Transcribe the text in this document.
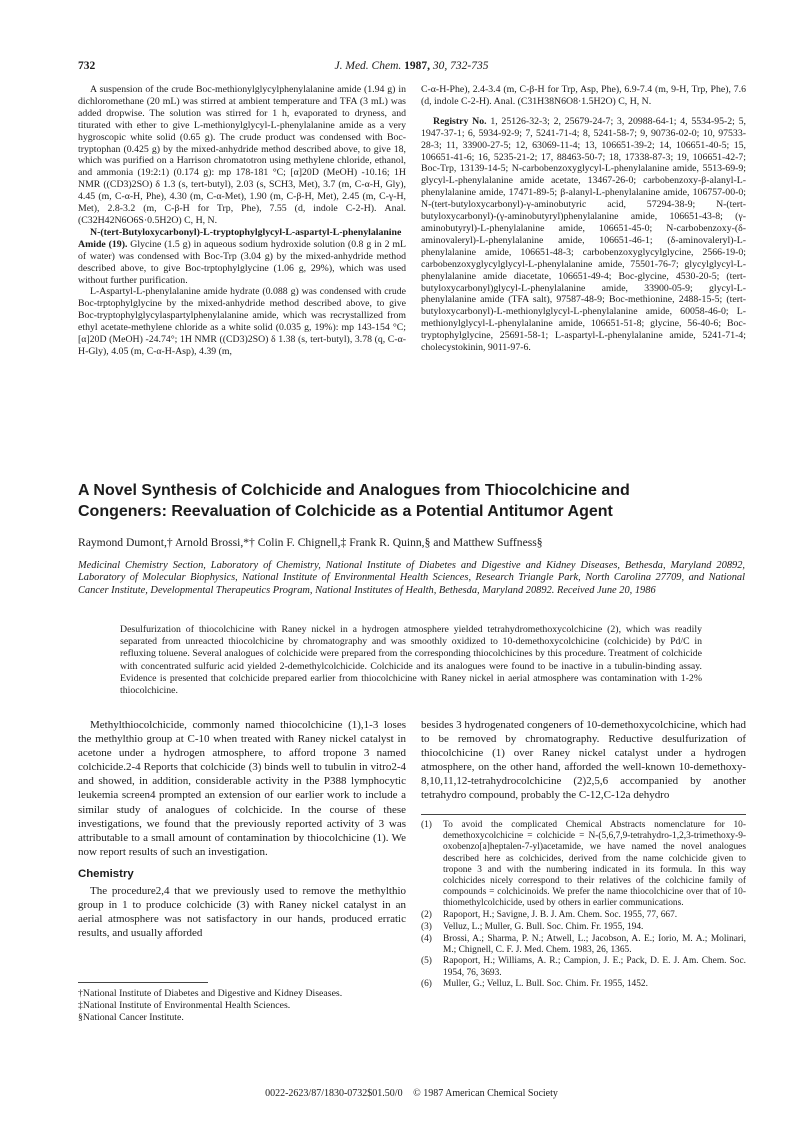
732	J. Med. Chem. 1987, 30, 732-735

A suspension of the crude Boc-methionylglycylphenylalanine amide (1.94 g) in dichloromethane (20 mL) was stirred at ambient temperature and TFA (3 mL) was added dropwise. The solution was stirred for 1 h, evaporated to dryness, and titurated with ether to give L-methionylglycyl-L-phenylalanine amide as a very hygroscopic white solid (0.65 g). The crude product was condensed with Boc-tryptophan (0.425 g) by the mixed-anhydride method described above, to give 18, which was purified on a Harrison chromatotron using methylene chloride, ethanol, and ammonia (19:2:1) (0.174 g): mp 178-181 °C; [α]20D (MeOH) -10.16; 1H NMR ((CD3)2SO) δ 1.3 (s, tert-butyl), 2.03 (s, SCH3, Met), 3.7 (m, C-α-H, Gly), 4.45 (m, C-α-H, Phe), 4.30 (m, C-α-Met), 1.90 (m, C-β-H, Met), 2.45 (m, C-γ-H, Met), 2.8-3.2 (m, C-β-H for Trp, Phe), 7.55 (d, indole C-2-H). Anal. (C32H42N6O6S·0.5H2O) C, H, N.

N-(tert-Butyloxycarbonyl)-L-tryptophylglycyl-L-aspartyl-L-phenylalanine Amide (19). Glycine (1.5 g) in aqueous sodium hydroxide solution (0.8 g in 2 mL of water) was condensed with Boc-Trp (3.04 g) by the mixed-anhydride method described above, to give Boc-trptophylglycine (1.06 g, 29%), which was used without further purification.

L-Aspartyl-L-phenylalanine amide hydrate (0.088 g) was condensed with crude Boc-trptophylglycine by the mixed-anhydride method described above, to give Boc-tryptophylglycylaspartylphenylalanine amide, which was recrystallized from ethyl acetate-methylene chloride as a white solid (0.035 g, 19%): mp 143-154 °C; [α]20D (MeOH) -24.74°; 1H NMR ((CD3)2SO) δ 1.38 (s, tert-butyl), 3.78 (q, C-α-H-Gly), 4.05 (m, C-α-H-Asp), 4.39 (m,

C-α-H-Phe), 2.4-3.4 (m, C-β-H for Trp, Asp, Phe), 6.9-7.4 (m, 9-H, Trp, Phe), 7.6 (d, indole C-2-H). Anal. (C31H38N6O8·1.5H2O) C, H, N.

Registry No. 1, 25126-32-3; 2, 25679-24-7; 3, 20988-64-1; 4, 5534-95-2; 5, 1947-37-1; 6, 5934-92-9; 7, 5241-71-4; 8, 5241-58-7; 9, 90736-02-0; 10, 97533-28-3; 11, 33900-27-5; 12, 63069-11-4; 13, 106651-39-2; 14, 106651-40-5; 15, 106651-41-6; 16, 5235-21-2; 17, 88463-50-7; 18, 17338-87-3; 19, 106651-42-7; Boc-Trp, 13139-14-5; N-carbobenzoxyglycyl-L-phenylalanine amide, 5513-69-9; glycyl-L-phenylalanine amide acetate, 13467-26-0; carbobenzoxy-β-alanyl-L-phenylalanine amide, 17471-89-5; β-alanyl-L-phenylalanine amide, 106757-00-0; N-(tert-butyloxycarbonyl)-γ-aminobutyric acid, 57294-38-9; N-(tert-butyloxycarbonyl)-(γ-aminobutyryl)phenylalanine amide, 106651-43-8; (γ-aminobutyryl)-L-phenylalanine amide, 106651-45-0; N-carbobenzoxy-(δ-aminovaleryl)-L-phenylalanine amide, 106651-46-1; (δ-aminovaleryl)-L-phenylalanine amide, 106651-48-3; carbobenzoxyglycylglycine, 2566-19-0; carbobenzoxyglycylglycyl-L-phenylalanine amide, 75501-76-7; glycylglycyl-L-phenylalanine amide diacetate, 106651-49-4; Boc-glycine, 4530-20-5; (tert-butyloxycarbonyl)glycyl-L-phenylalanine amide, 33900-05-9; glycyl-L-phenylalanine amide (TFA salt), 97587-48-9; Boc-methionine, 2488-15-5; (tert-butyloxycarbonyl)-L-methionylglycyl-L-phenylalanine amide, 60058-46-0; L-methionylglycyl-L-phenylalanine amide, 106651-51-8; glycine, 56-40-6; Boc-tryptophylglycine, 25691-58-1; L-aspartyl-L-phenylalanine amide, 5241-71-4; cholecystokinin, 9011-97-6.

A Novel Synthesis of Colchicide and Analogues from Thiocolchicine and
Congeners: Reevaluation of Colchicide as a Potential Antitumor Agent
Raymond Dumont,† Arnold Brossi,*† Colin F. Chignell,‡ Frank R. Quinn,§ and Matthew Suffness§
Medicinal Chemistry Section, Laboratory of Chemistry, National Institute of Diabetes and Digestive and Kidney Diseases, Bethesda, Maryland 20892, Laboratory of Molecular Biophysics, National Institute of Environmental Health Sciences, Research Triangle Park, North Carolina 27709, and National Cancer Institute, Developmental Therapeutics Program, National Institutes of Health, Bethesda, Maryland 20892. Received June 20, 1986
Desulfurization of thiocolchicine with Raney nickel in a hydrogen atmosphere yielded tetrahydromethoxycolchicine (2), which was readily separated from unreacted thiocolchicine by chromatography and was smoothly oxidized to 10-demethoxycolchicine (colchicide) by Pd/C in refluxing toluene. Several analogues of colchicide were prepared from the corresponding thiocolchicines by this procedure. Treatment of colchicide with concentrated sulfuric acid yielded 2-demethylcolchicide. Colchicide and its analogues were found to be inactive in a tubulin-binding assay. Evidence is presented that colchicide prepared earlier from thiocolchicine with Raney nickel in aerial atmosphere was contamination with 1-2% thiocolchicine.

Methylthiocolchicide, commonly named thiocolchicine (1),1-3 loses the methylthio group at C-10 when treated with Raney nickel catalyst in acetone under a hydrogen atmosphere, to afford tropone 3 named colchicide.2-4 Reports that colchicide (3) binds well to tubulin in vitro2-4 and showed, in addition, considerable activity in the P388 lymphocytic leukemia screen4 prompted an extension of our earlier work to include a similar study of analogues of colchicide. In the course of these investigations, we found that the previously reported activity of 3 was attributable to a small amount of contamination by thiocolchicine (1). We now report results of such an investigation.

Chemistry

The procedure2,4 that we previously used to remove the methylthio group in 1 to produce colchicide (3) with Raney nickel catalyst in an aerial atmosphere was not satisfactory in our hands, produced erratic results, and usually afforded

besides 3 hydrogenated congeners of 10-demethoxycolchicine, which had to be removed by chromatography. Reductive desulfurization of thiocolchicine (1) over Raney nickel catalyst under a hydrogen atmosphere, on the other hand, afforded the well-known 10-demethoxy-8,10,11,12-tetrahydrocolchicine (2)2,5,6 accompanied by another tetrahydro compound, probably the C-12,C-12a dehydro

†National Institute of Diabetes and Digestive and Kidney Diseases.
‡National Institute of Environmental Health Sciences.
§National Cancer Institute.
(1)	To avoid the complicated Chemical Abstracts nomenclature for 10-demethoxycolchicine = colchicide = N-(5,6,7,9-tetrahydro-1,2,3-trimethoxy-9-oxobenzo[a]heptalen-7-yl)acetamide, we have named the novel analogues described here as colchicides, derived from the name colchicide given to tropone 3 and with the numbering indicated in its formula. In this way colchicides nicely correspond to their relatives of the colchicine family of compounds = colchicinoids. We prefer the name thiocolchicine over that of 10-thiomethylcolchicide, used by others in earlier communications.
(2)	Rapoport, H.; Savigne, J. B. J. Am. Chem. Soc. 1955, 77, 667.
(3)	Velluz, L.; Muller, G. Bull. Soc. Chim. Fr. 1955, 194.
(4)	Brossi, A.; Sharma, P. N.; Atwell, L.; Jacobson, A. E.; Iorio, M. A.; Molinari, M.; Chignell, C. F. J. Med. Chem. 1983, 26, 1365.
(5)	Rapoport, H.; Williams, A. R.; Campion, J. E.; Pack, D. E. J. Am. Chem. Soc. 1954, 76, 3693.
(6)	Muller, G.; Velluz, L. Bull. Soc. Chim. Fr. 1955, 1452.
0022-2623/87/1830-0732$01.50/0 © 1987 American Chemical Society
